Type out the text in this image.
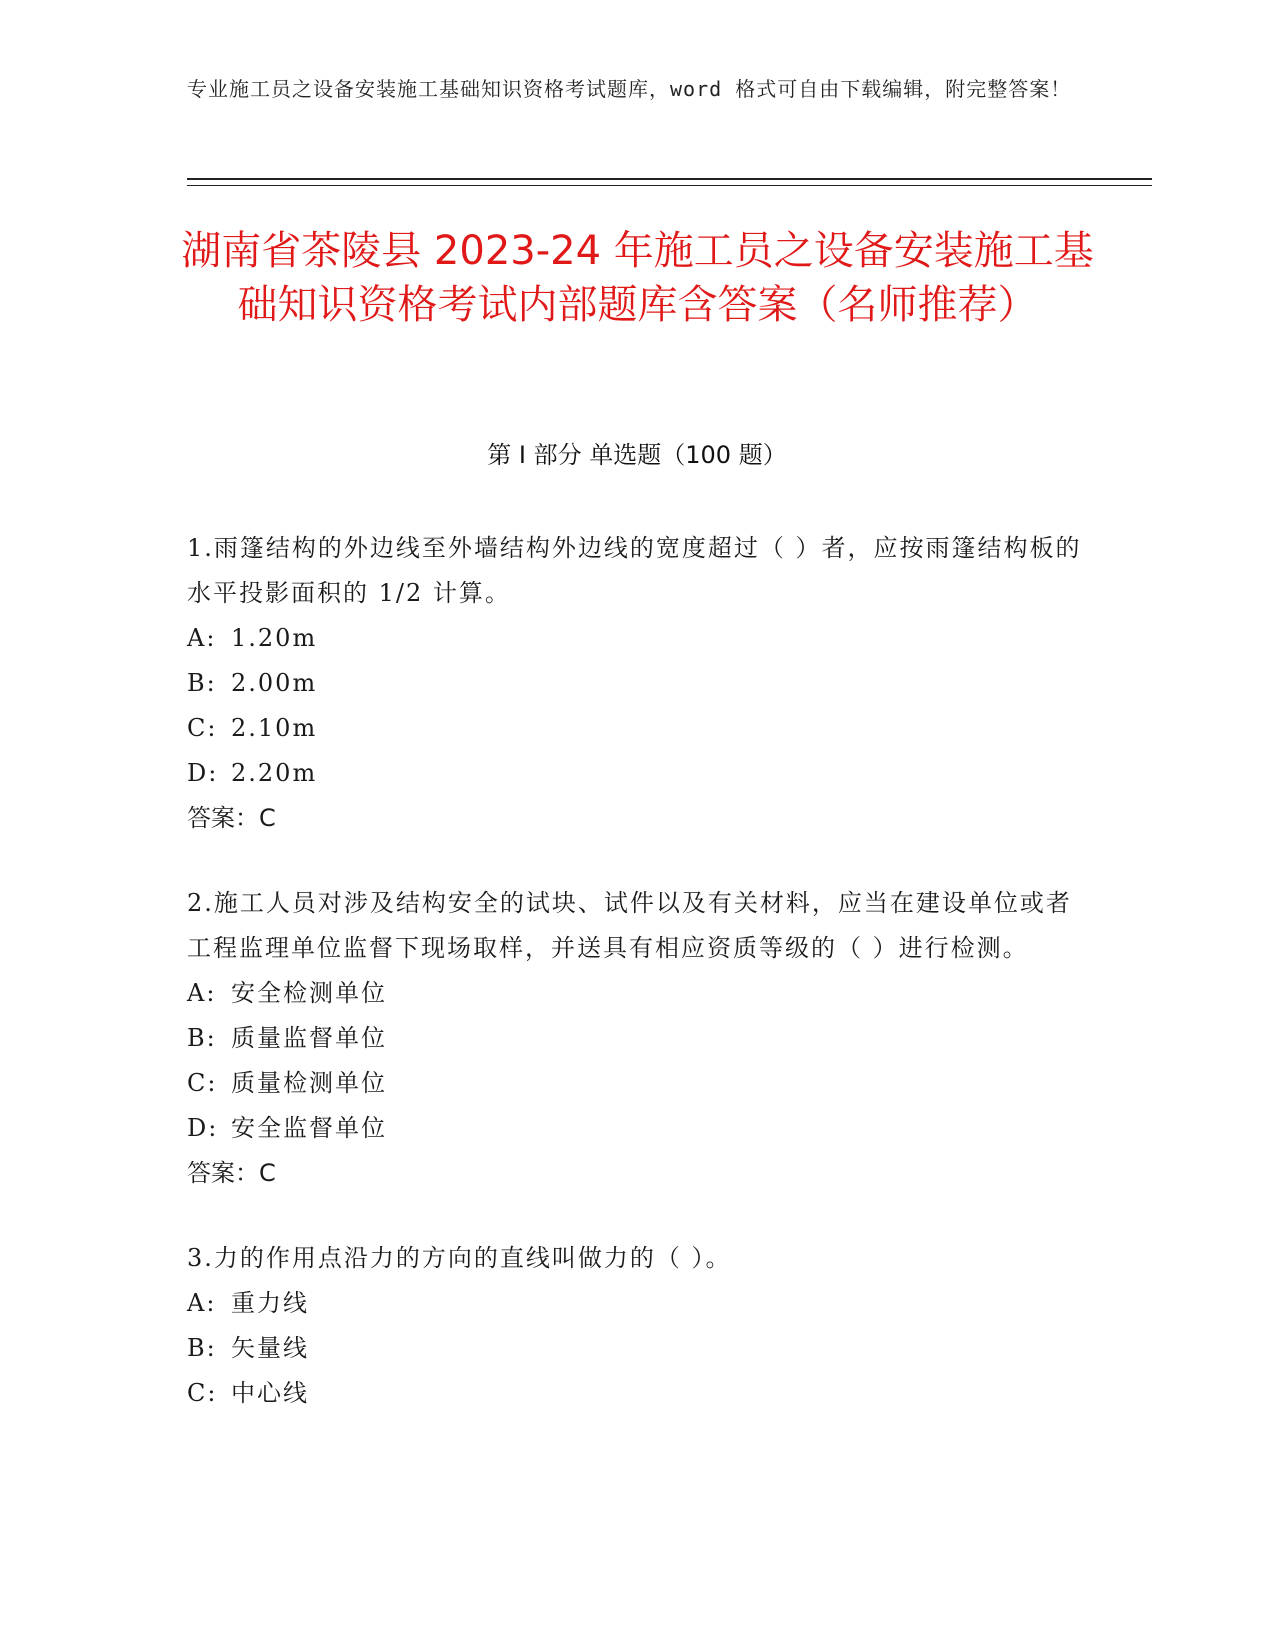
专业施工员之设备安装施工基础知识资格考试题库，word 格式可自由下载编辑，附完整答案！
湖南省茶陵县 2023-24 年施工员之设备安装施工基础知识资格考试内部题库含答案（名师推荐）
第 I 部分 单选题（100 题）
1.雨篷结构的外边线至外墙结构外边线的宽度超过（ ）者，应按雨篷结构板的水平投影面积的 1/2 计算。
A: 1.20m
B: 2.00m
C: 2.10m
D: 2.20m
答案：C
2.施工人员对涉及结构安全的试块、试件以及有关材料，应当在建设单位或者工程监理单位监督下现场取样，并送具有相应资质等级的（ ）进行检测。
A: 安全检测单位
B: 质量监督单位
C: 质量检测单位
D: 安全监督单位
答案：C
3.力的作用点沿力的方向的直线叫做力的（ ）。
A: 重力线
B: 矢量线
C: 中心线
